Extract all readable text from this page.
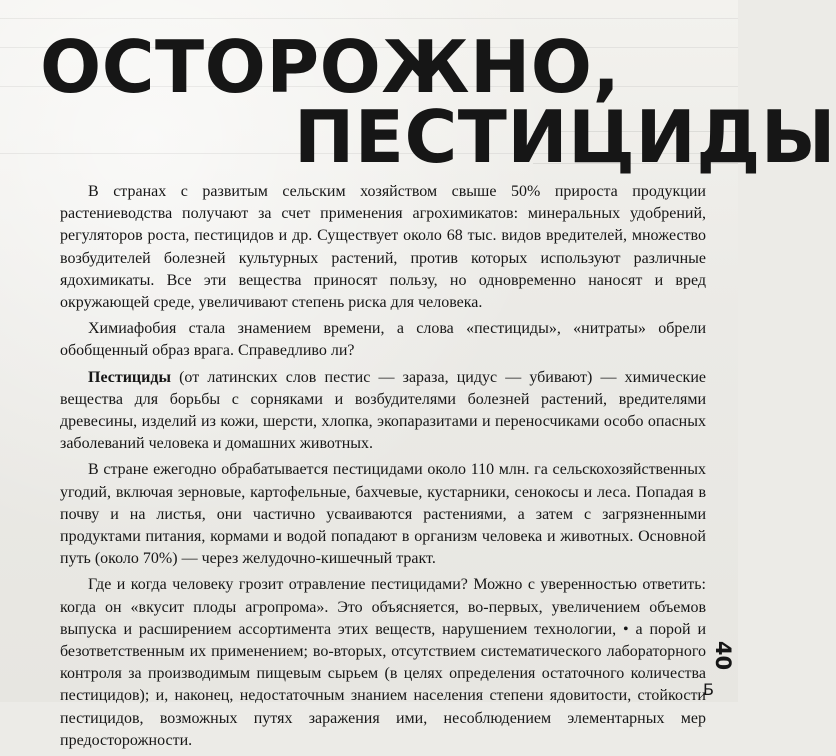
ОСТОРОЖНО,
ПЕСТИЦИДЫ

В странах с развитым сельским хозяйством свыше 50% прироста продукции растениеводства получают за счет применения агрохимикатов: минеральных удобрений, регуляторов роста, пестицидов и др. Существует около 68 тыс. видов вредителей, множество возбудителей болезней культурных растений, против которых используют различные ядохимикаты. Все эти вещества приносят пользу, но одновременно наносят и вред окружающей среде, увеличивают степень риска для человека.

Химиафобия стала знамением времени, а слова «пестициды», «нитраты» обрели обобщенный образ врага. Справедливо ли?

Пестициды (от латинских слов пестис — зараза, цидус — убивают) — химические вещества для борьбы с сорняками и возбудителями болезней растений, вредителями древесины, изделий из кожи, шерсти, хлопка, экопаразитами и переносчиками особо опасных заболеваний человека и домашних животных.

В стране ежегодно обрабатывается пестицидами около 110 млн. га сельскохозяйственных угодий, включая зерновые, картофельные, бахчевые, кустарники, сенокосы и леса. Попадая в почву и на листья, они частично усваиваются растениями, а затем с загрязненными продуктами питания, кормами и водой попадают в организм человека и животных. Основной путь (около 70%) — через желудочно-кишечный тракт.

Где и когда человеку грозит отравление пестицидами? Можно с уверенностью ответить: когда он «вкусит плоды агропрома». Это объясняется, во-первых, увеличением объемов выпуска и расширением ассортимента этих веществ, нарушением технологии, • а порой и безответственным их применением; во-вторых, отсутствием систематического лабораторного контроля за производимым пищевым сырьем (в целях определения остаточного количества пестицидов); и, наконец, недостаточным знанием населения степени ядовитости, стойкости пестицидов, возможных путях заражения ими, несоблюдением элементарных мер предосторожности.

40
Б
